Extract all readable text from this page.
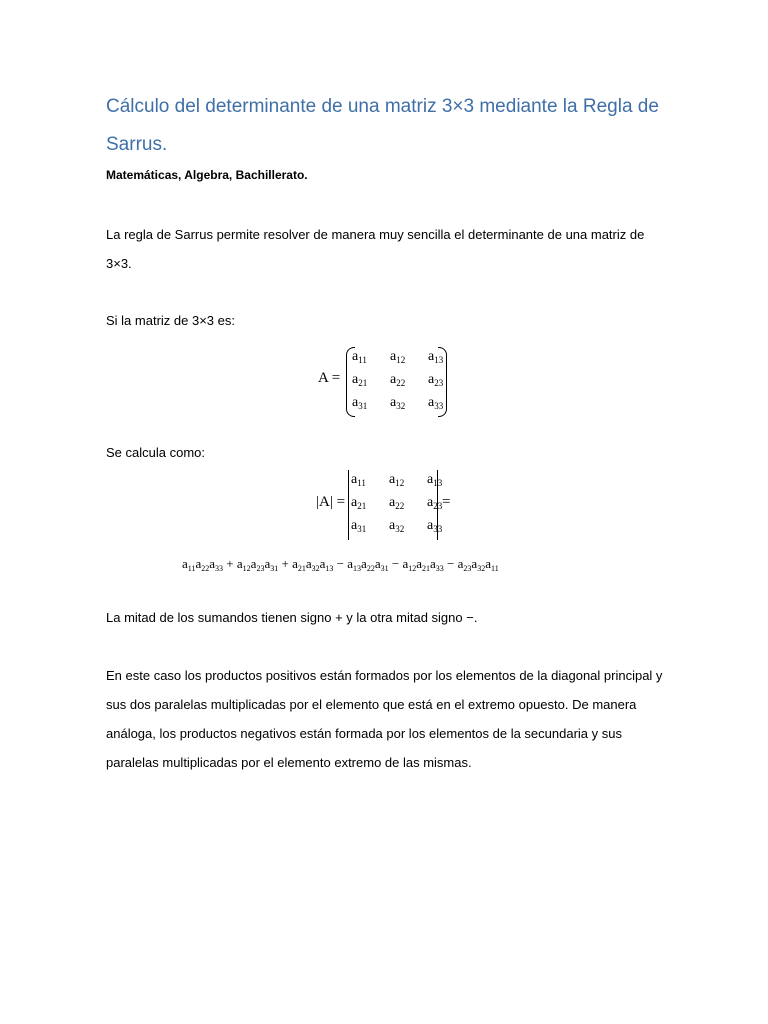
Cálculo del determinante de una matriz 3×3 mediante la Regla de Sarrus.
Matemáticas, Algebra, Bachillerato.
La regla de Sarrus permite resolver de manera muy sencilla el determinante de una matriz de 3×3.
Si la matriz de 3×3 es:
A =
$a_{11}$	$a_{12}$	$a_{13}$
$a_{21}$	$a_{22}$	$a_{23}$
$a_{31}$	$a_{32}$	$a_{33}$
Se calcula como:
|A| =
$a_{11}$	$a_{12}$	$a_{13}$
$a_{21}$	$a_{22}$	$a_{23}$
$a_{31}$	$a_{32}$	$a_{33}$
=
$a_{11}a_{22}a_{33} + a_{12}a_{23}a_{31} + a_{21}a_{32}a_{13} - a_{13}a_{22}a_{31} - a_{12}a_{21}a_{33} - a_{23}a_{32}a_{11}$
La mitad de los sumandos tienen signo + y la otra mitad signo −.
En este caso los productos positivos están formados por los elementos de la diagonal principal y sus dos paralelas multiplicadas por el elemento que está en el extremo opuesto. De manera análoga, los productos negativos están formada por los elementos de la secundaria y sus paralelas multiplicadas por el elemento extremo de las mismas.
